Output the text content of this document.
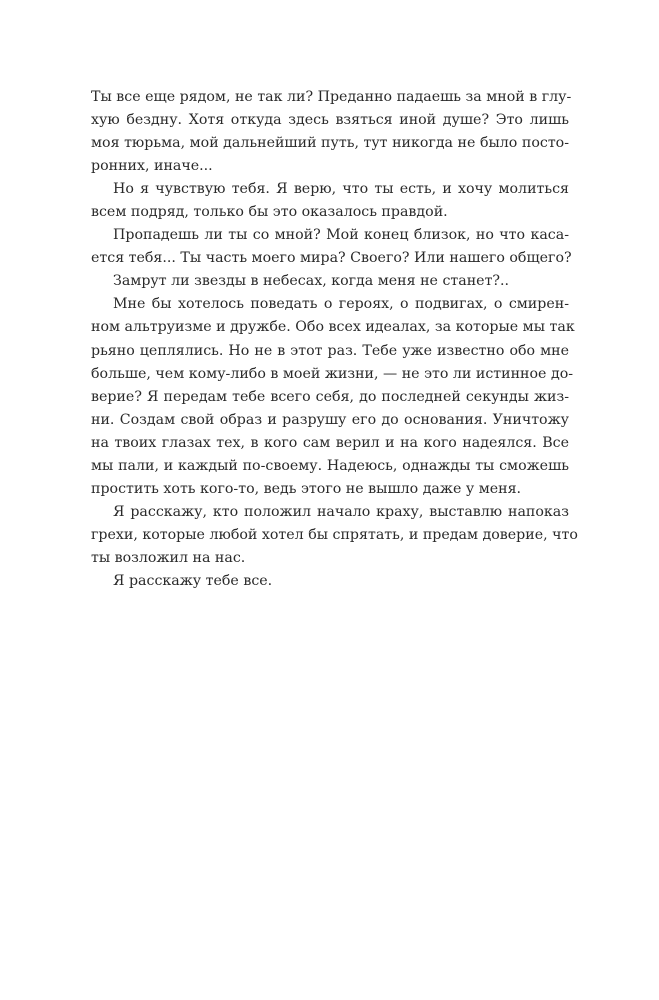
Ты все еще рядом, не так ли? Преданно падаешь за мной в глу-
хую бездну. Хотя откуда здесь взяться иной душе? Это лишь
моя тюрьма, мой дальнейший путь, тут никогда не было посто-
ронних, иначе...
Но я чувствую тебя. Я верю, что ты есть, и хочу молиться
всем подряд, только бы это оказалось правдой.
Пропадешь ли ты со мной? Мой конец близок, но что каса-
ется тебя... Ты часть моего мира? Своего? Или нашего общего?
Замрут ли звезды в небесах, когда меня не станет?..
Мне бы хотелось поведать о героях, о подвигах, о смирен-
ном альтруизме и дружбе. Обо всех идеалах, за которые мы так
рьяно цеплялись. Но не в этот раз. Тебе уже известно обо мне
больше, чем кому-либо в моей жизни, — не это ли истинное до-
верие? Я передам тебе всего себя, до последней секунды жиз-
ни. Создам свой образ и разрушу его до основания. Уничтожу
на твоих глазах тех, в кого сам верил и на кого надеялся. Все
мы пали, и каждый по-своему. Надеюсь, однажды ты сможешь
простить хоть кого-то, ведь этого не вышло даже у меня.
Я расскажу, кто положил начало краху, выставлю напоказ
грехи, которые любой хотел бы спрятать, и предам доверие, что
ты возложил на нас.
Я расскажу тебе все.
